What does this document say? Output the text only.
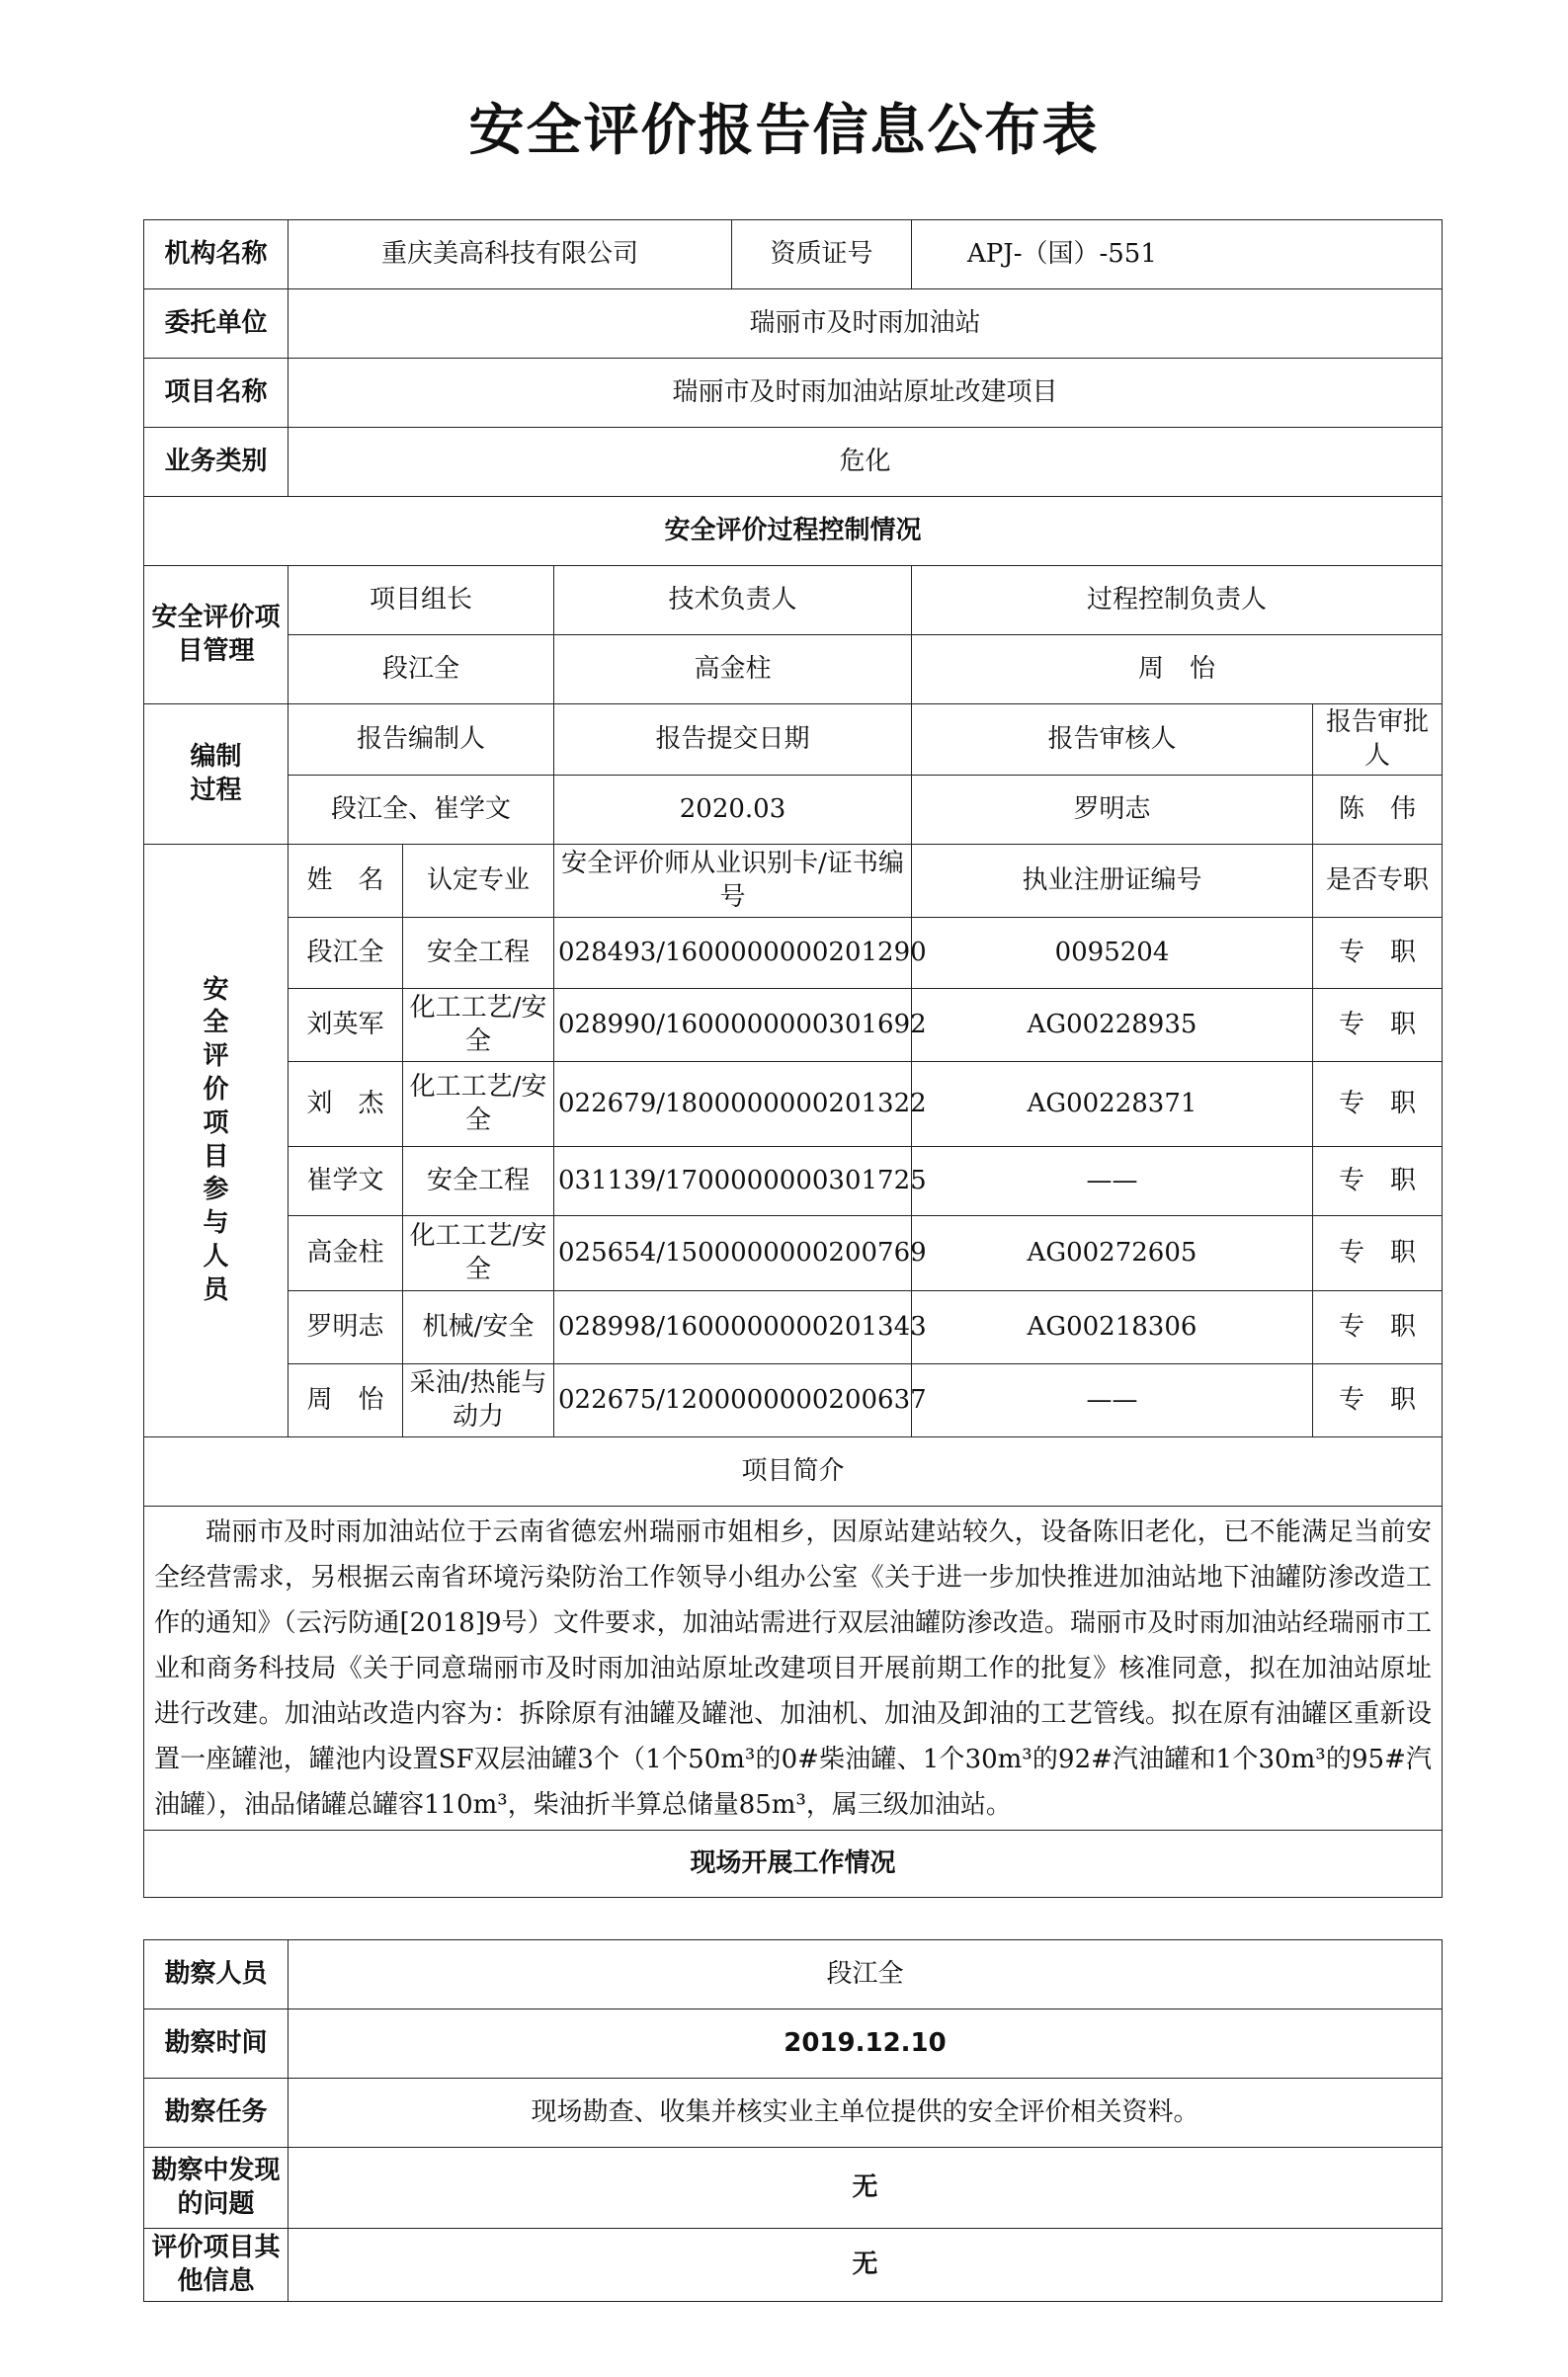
安全评价报告信息公布表
机构名称	重庆美高科技有限公司			资质证号	APJ-（国）-551	
委托单位	瑞丽市及时雨加油站					
项目名称	瑞丽市及时雨加油站原址改建项目					
业务类别	危化					
安全评价过程控制情况						
安全评价项目管理	项目组长		技术负责人		过程控制负责人	
	段江全		高金柱		周　怡	
编制过程	报告编制人		报告提交日期		报告审核人	报告审批人
	段江全、崔学文		2020.03		罗明志	陈　伟
安全评价项目参与人员	姓　名	认定专业	安全评价师从业识别卡/证书编号		执业注册证编号	是否专职
	段江全	安全工程	028493/1600000000201290		0095204	专　职
	刘英军	化工工艺/安全	028990/1600000000301692		AG00228935	专　职
	刘　杰	化工工艺/安全	022679/1800000000201322		AG00228371	专　职
	崔学文	安全工程	031139/1700000000301725		——	专　职
	高金柱	化工工艺/安全	025654/1500000000200769		AG00272605	专　职
	罗明志	机械/安全	028998/1600000000201343		AG00218306	专　职
	周　怡	采油/热能与动力	022675/1200000000200637		——	专　职
项目简介						
瑞丽市及时雨加油站位于云南省德宏州瑞丽市姐相乡，因原站建站较久，设备陈旧老化，已不能满足当前安全经营需求，另根据云南省环境污染防治工作领导小组办公室《关于进一步加快推进加油站地下油罐防渗改造工作的通知》（云污防通[2018]9号）文件要求，加油站需进行双层油罐防渗改造。瑞丽市及时雨加油站经瑞丽市工业和商务科技局《关于同意瑞丽市及时雨加油站原址改建项目开展前期工作的批复》核准同意，拟在加油站原址进行改建。加油站改造内容为：拆除原有油罐及罐池、加油机、加油及卸油的工艺管线。拟在原有油罐区重新设置一座罐池，罐池内设置SF双层油罐3个（1个50m³的0#柴油罐、1个30m³的92#汽油罐和1个30m³的95#汽油罐），油品储罐总罐容110m³，柴油折半算总储量85m³，属三级加油站。						
现场开展工作情况						
勘察人员	段江全
勘察时间	2019.12.10
勘察任务	现场勘查、收集并核实业主单位提供的安全评价相关资料。
勘察中发现的问题	无
评价项目其他信息	无
